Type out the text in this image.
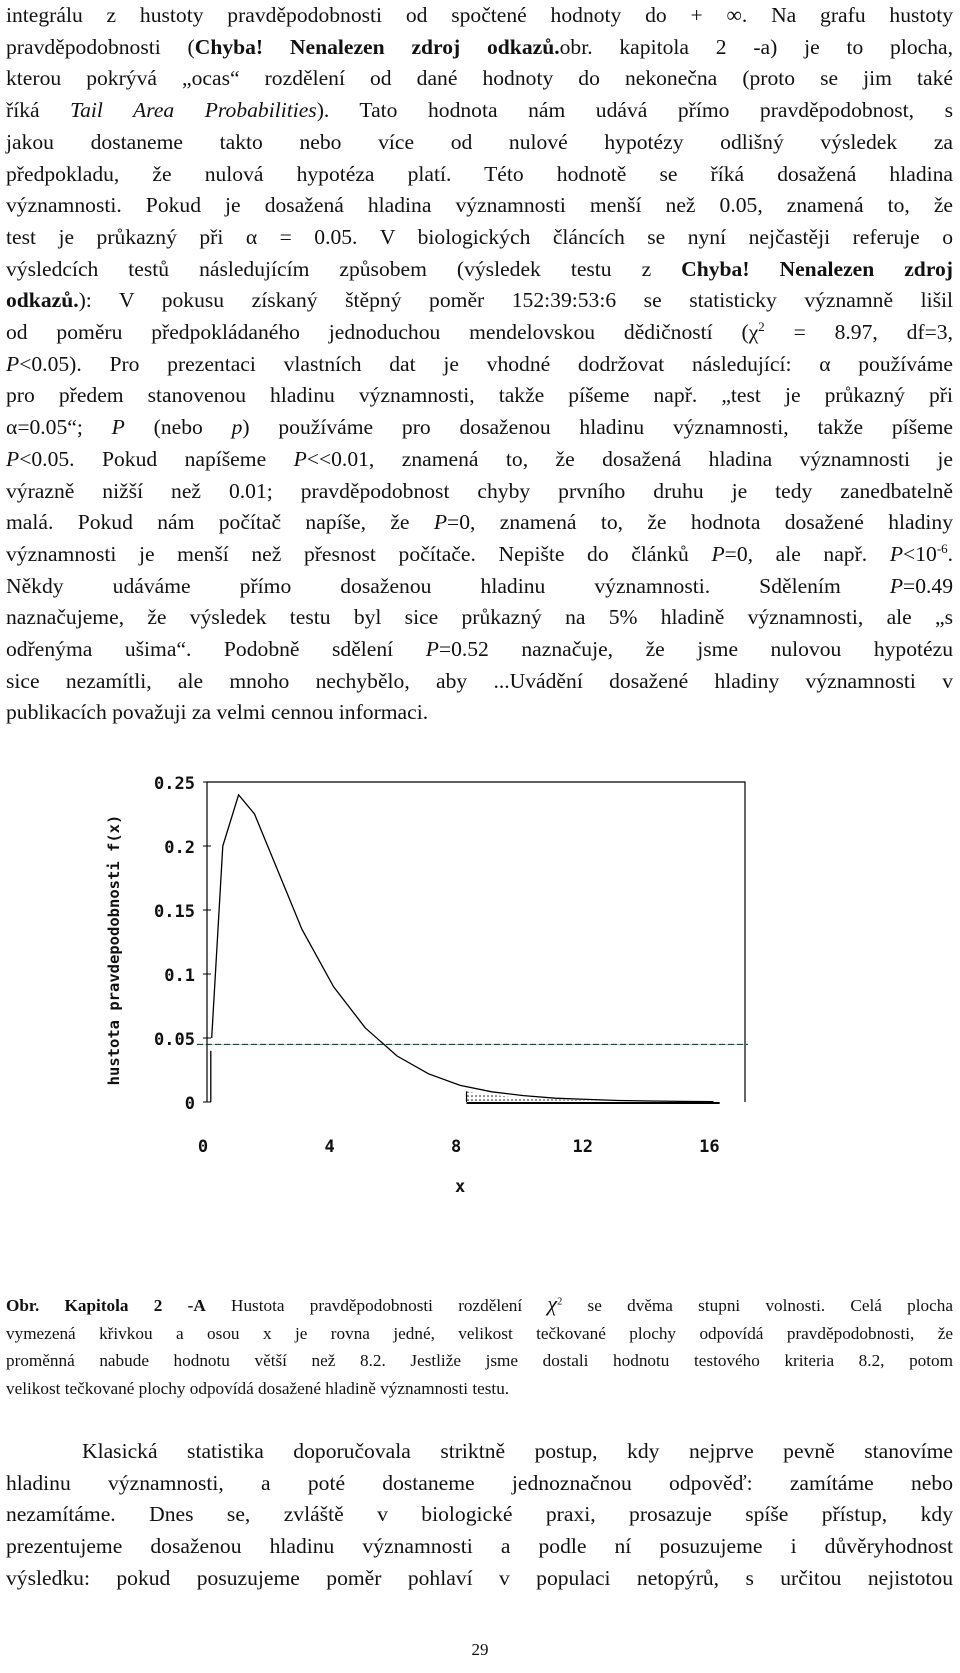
integrálu z hustoty pravděpodobnosti od spočtené hodnoty do + ∞. Na grafu hustoty
pravděpodobnosti (Chyba! Nenalezen zdroj odkazů.obr. kapitola 2 -a) je to plocha,
kterou pokrývá „ocas“ rozdělení od dané hodnoty do nekonečna (proto se jim také
říká Tail Area Probabilities). Tato hodnota nám udává přímo pravděpodobnost, s
jakou dostaneme takto nebo více od nulové hypotézy odlišný výsledek za
předpokladu, že nulová hypotéza platí. Této hodnotě se říká dosažená hladina
významnosti. Pokud je dosažená hladina významnosti menší než 0.05, znamená to, že
test je průkazný při α = 0.05. V biologických článcích se nyní nejčastěji referuje o
výsledcích testů následujícím způsobem (výsledek testu z Chyba! Nenalezen zdroj
odkazů.): V pokusu získaný štěpný poměr 152:39:53:6 se statisticky významně lišil
od poměru předpokládaného jednoduchou mendelovskou dědičností ($\chi^2 = 8.97$, df=3,
P<0.05). Pro prezentaci vlastních dat je vhodné dodržovat následující: α používáme
pro předem stanovenou hladinu významnosti, takže píšeme např. „test je průkazný při
α=0.05“; P (nebo p) používáme pro dosaženou hladinu významnosti, takže píšeme
P<0.05. Pokud napíšeme P<<0.01, znamená to, že dosažená hladina významnosti je
výrazně nižší než 0.01; pravděpodobnost chyby prvního druhu je tedy zanedbatelně
malá. Pokud nám počítač napíše, že P=0, znamená to, že hodnota dosažené hladiny
významnosti je menší než přesnost počítače. Nepište do článků P=0, ale např. $P<10^{-6}$.
Někdy udáváme přímo dosaženou hladinu významnosti. Sdělením P=0.49
naznačujeme, že výsledek testu byl sice průkazný na 5% hladině významnosti, ale „s
odřenýma ušima“. Podobně sdělení P=0.52 naznačuje, že jsme nulovou hypotézu
sice nezamítli, ale mnoho nechybělo, aby ...Uvádění dosažené hladiny významnosti v
publikacích považuji za velmi cennou informaci.
0
0.05
0.1
0.15
0.2
0.25
0	4	8	12	16
x
hustota pravdepodobnosti f(x)
Obr. Kapitola 2 -A Hustota pravděpodobnosti rozdělení $\chi^2$ se dvěma stupni volnosti. Celá plocha
vymezená křivkou a osou x je rovna jedné, velikost tečkované plochy odpovídá pravděpodobnosti, že
proměnná nabude hodnotu větší než 8.2. Jestliže jsme dostali hodnotu testového kriteria 8.2, potom
velikost tečkované plochy odpovídá dosažené hladině významnosti testu.
Klasická statistika doporučovala striktně postup, kdy nejprve pevně stanovíme
hladinu významnosti, a poté dostaneme jednoznačnou odpověď: zamítáme nebo
nezamítáme. Dnes se, zvláště v biologické praxi, prosazuje spíše přístup, kdy
prezentujeme dosaženou hladinu významnosti a podle ní posuzujeme i důvěryhodnost
výsledku: pokud posuzujeme poměr pohlaví v populaci netopýrů, s určitou nejistotou
29
